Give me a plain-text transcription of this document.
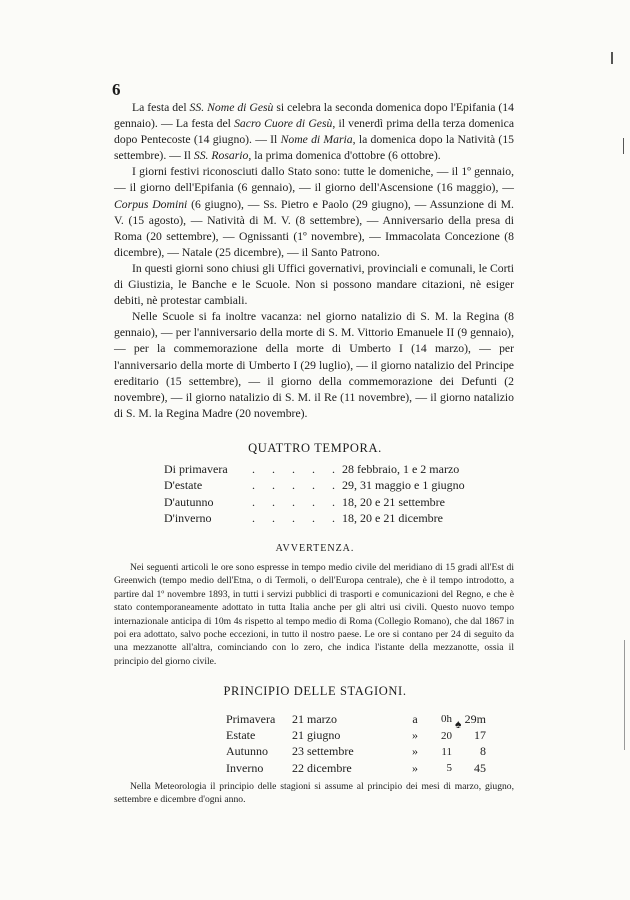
6

La festa del SS. Nome di Gesù si celebra la seconda domenica dopo l'Epifania (14 gennaio). — La festa del Sacro Cuore di Gesù, il venerdì prima della terza domenica dopo Pentecoste (14 giugno). — Il Nome di Maria, la domenica dopo la Natività (15 settembre). — Il SS. Rosario, la prima domenica d'ottobre (6 ottobre).

I giorni festivi riconosciuti dallo Stato sono: tutte le domeniche, — il 1º gennaio, — il giorno dell'Epifania (6 gennaio), — il giorno dell'Ascensione (16 maggio), — Corpus Domini (6 giugno), — Ss. Pietro e Paolo (29 giugno), — Assunzione di M. V. (15 agosto), — Natività di M. V. (8 settembre), — Anniversario della presa di Roma (20 settembre), — Ognissanti (1º novembre), — Immacolata Concezione (8 dicembre), — Natale (25 dicembre), — il Santo Patrono.

In questi giorni sono chiusi gli Uffici governativi, provinciali e comunali, le Corti di Giustizia, le Banche e le Scuole. Non si possono mandare citazioni, nè esiger debiti, nè protestar cambiali.

Nelle Scuole si fa inoltre vacanza: nel giorno natalizio di S. M. la Regina (8 gennaio), — per l'anniversario della morte di S. M. Vittorio Emanuele II (9 gennaio), — per la commemorazione della morte di Umberto I (14 marzo), — per l'anniversario della morte di Umberto I (29 luglio), — il giorno natalizio del Principe ereditario (15 settembre), — il giorno della commemorazione dei Defunti (2 novembre), — il giorno natalizio di S. M. il Re (11 novembre), — il giorno natalizio di S. M. la Regina Madre (20 novembre).

QUATTRO TEMPORA.
Di primavera	. . . . .	28 febbraio, 1 e 2 marzo
D'estate	. . . . .	29, 31 maggio e 1 giugno
D'autunno	. . . . .	18, 20 e 21 settembre
D'inverno	. . . . .	18, 20 e 21 dicembre
AVVERTENZA.

Nei seguenti articoli le ore sono espresse in tempo medio civile del meridiano di 15 gradi all'Est di Greenwich (tempo medio dell'Etna, o di Termoli, o dell'Europa centrale), che è il tempo introdotto, a partire dal 1º novembre 1893, in tutti i servizi pubblici di trasporti e comunicazioni del Regno, e che è stato contemporaneamente adottato in tutta Italia anche per gli altri usi civili. Questo nuovo tempo internazionale anticipa di 10m 4s rispetto al tempo medio di Roma (Collegio Romano), che dal 1867 in poi era adottato, salvo poche eccezioni, in tutto il nostro paese. Le ore si contano per 24 di seguito da una mezzanotte all'altra, cominciando con lo zero, che indica l'istante della mezzanotte, ossia il principio del giorno civile.

PRINCIPIO DELLE STAGIONI.
Primavera	21 marzo	a	0h	29m
Estate	21 giugno	»	20	17
Autunno	23 settembre	»	11	8
Inverno	22 dicembre	»	5	45
♠

Nella Meteorologia il principio delle stagioni si assume al principio dei mesi di marzo, giugno, settembre e dicembre d'ogni anno.
